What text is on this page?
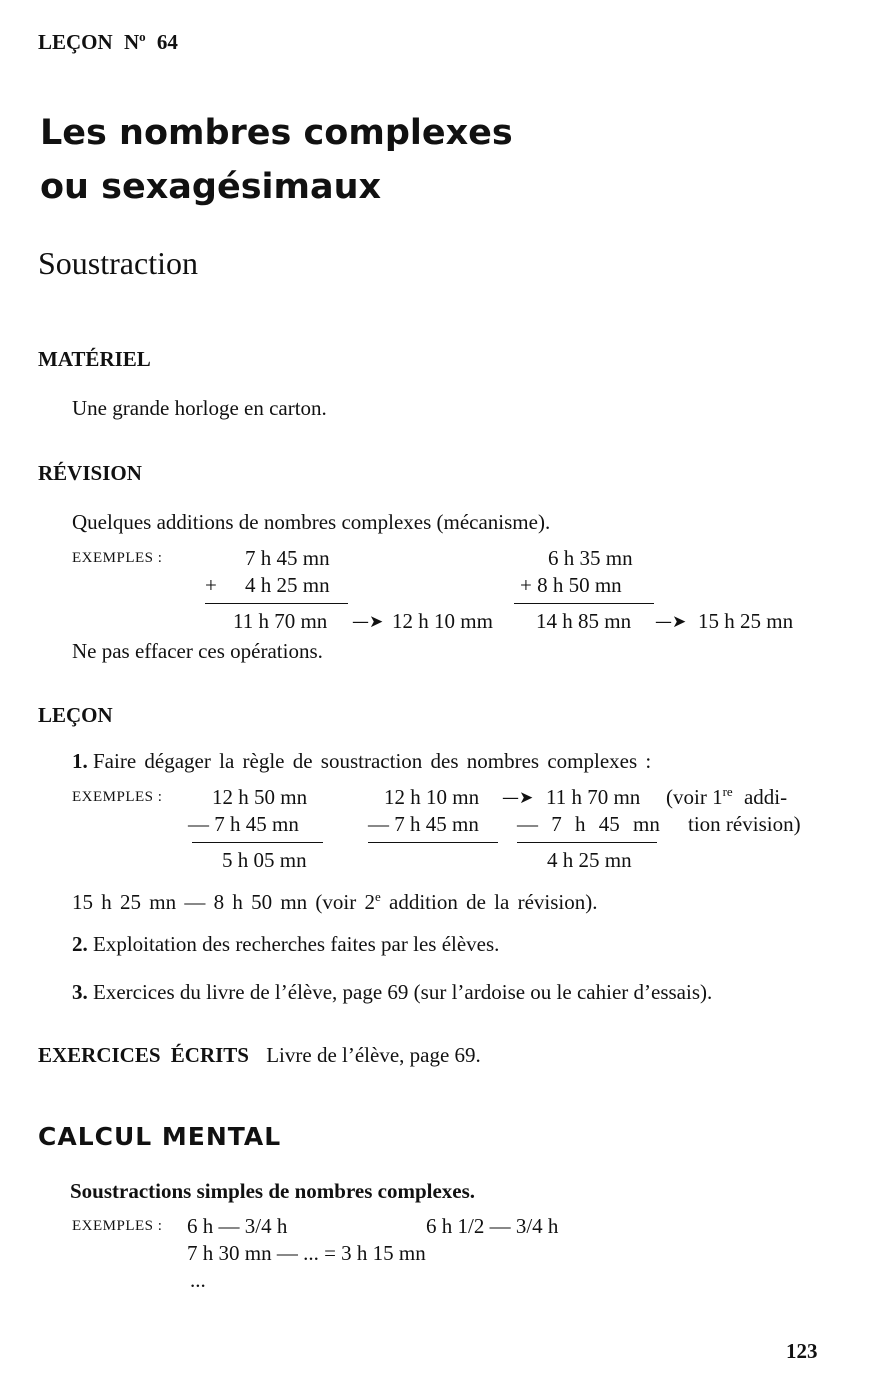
LEÇON $N^o$ 64
Les nombres complexes
ou sexagésimaux
Soustraction
MATÉRIEL
Une grande horloge en carton.
RÉVISION
Quelques additions de nombres complexes (mécanisme).
EXEMPLES :	7 h 45 mn
+ 4 h 25 mn
11 h 70 mn —➤ 12 h 10 mm
6 h 35 mn
+ 8 h 50 mn
14 h 85 mn —➤ 15 h 25 mn
Ne pas effacer ces opérations.
LEÇON
1. Faire dégager la règle de soustraction des nombres complexes :
EXEMPLES : 12 h 50 mn
— 7 h 45 mn
5 h 05 mn
12 h 10 mn —➤ 11 h 70 mn
— 7 h 45 mn — 7 h 45 mn
4 h 25 mn
(voir 1re addi-
tion révision)
15 h 25 mn — 8 h 50 mn (voir 2e addition de la révision).
2. Exploitation des recherches faites par les élèves.
3. Exercices du livre de l’élève, page 69 (sur l’ardoise ou le cahier d’essais).
EXERCICES ÉCRITS Livre de l’élève, page 69.
CALCUL MENTAL
Soustractions simples de nombres complexes.
EXEMPLES : 6 h — 3/4 h	6 h 1/2 — 3/4 h
7 h 30 mn — ... = 3 h 15 mn
...
123
